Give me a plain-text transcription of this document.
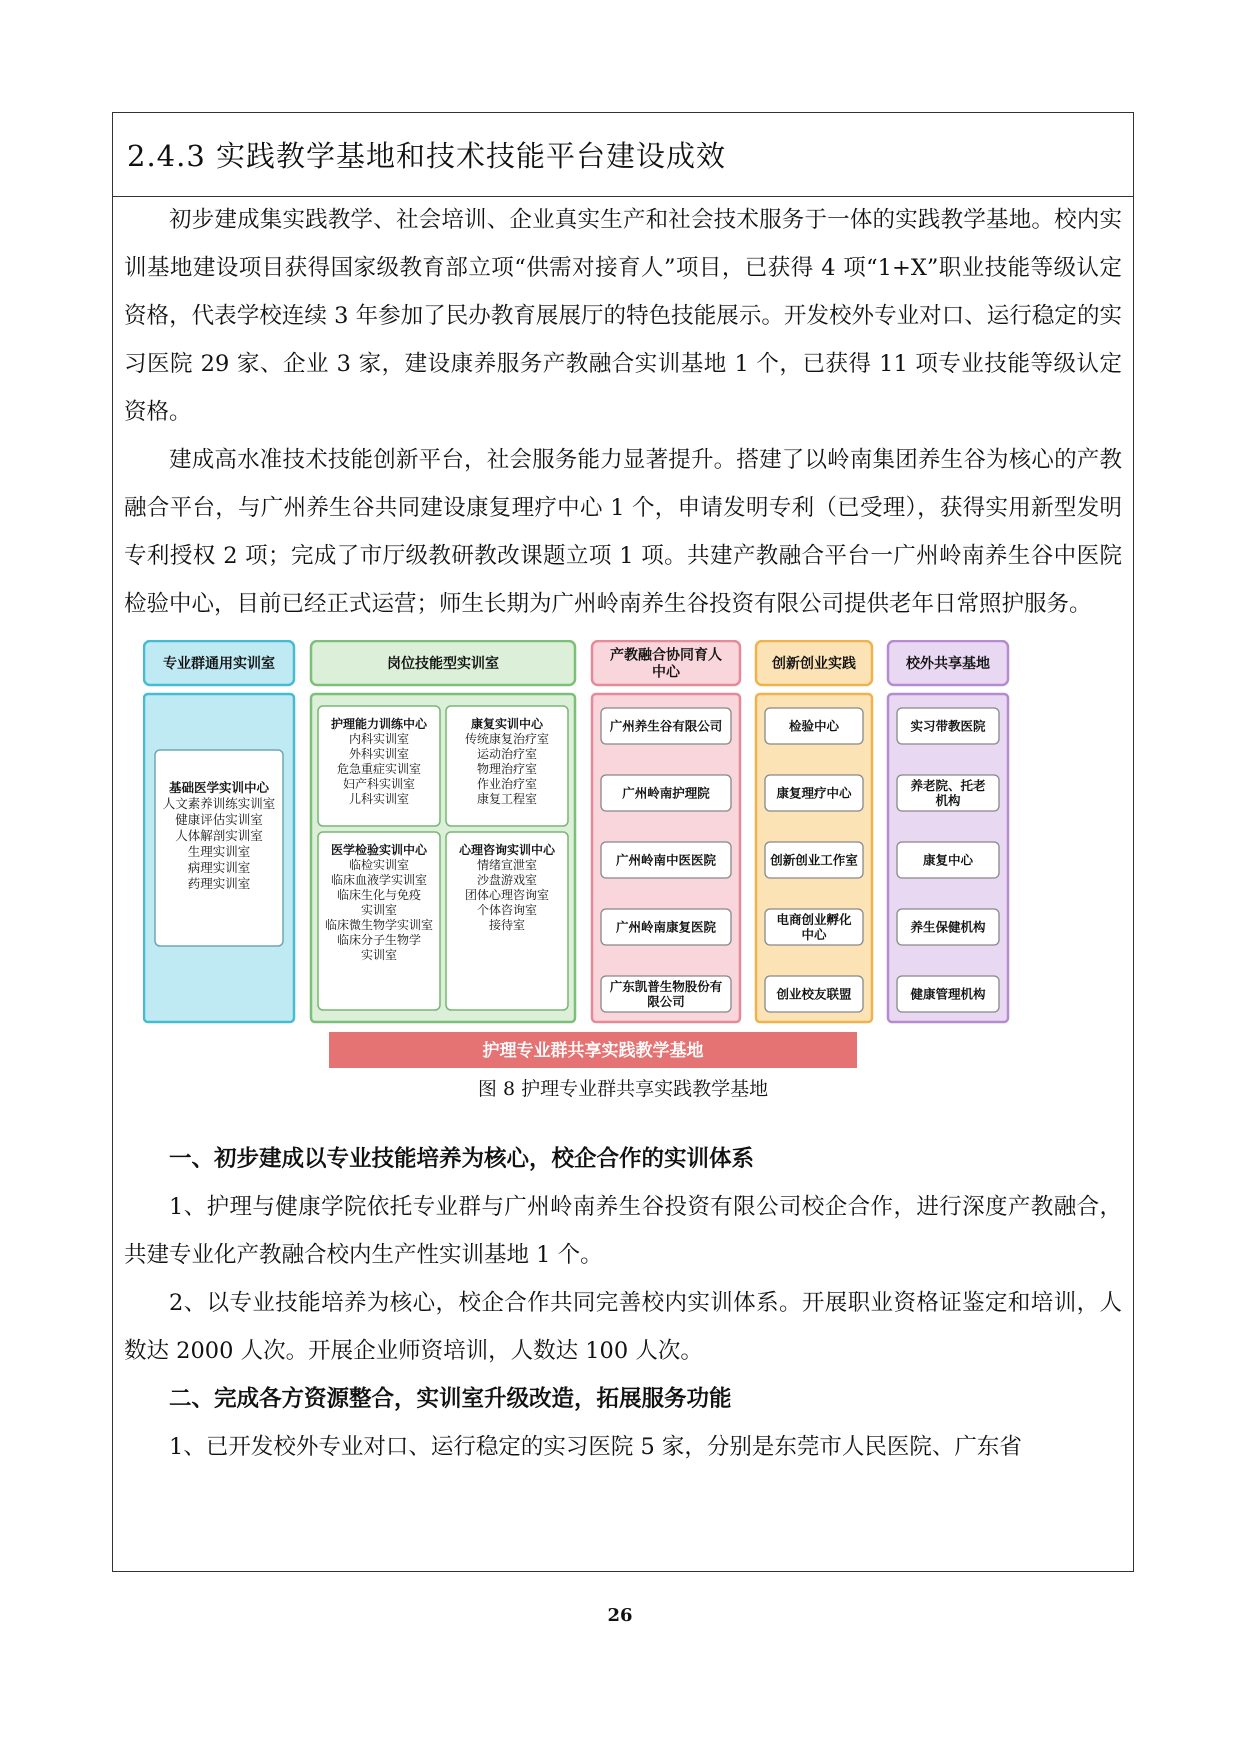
2.4.3 实践教学基地和技术技能平台建设成效

初步建成集实践教学、社会培训、企业真实生产和社会技术服务于一体的实践教学基地。校内实训基地建设项目获得国家级教育部立项“供需对接育人”项目，已获得 4 项“1+X”职业技能等级认定资格，代表学校连续 3 年参加了民办教育展展厅的特色技能展示。开发校外专业对口、运行稳定的实习医院 29 家、企业 3 家，建设康养服务产教融合实训基地 1 个，已获得 11 项专业技能等级认定资格。

建成高水准技术技能创新平台，社会服务能力显著提升。搭建了以岭南集团养生谷为核心的产教融合平台，与广州养生谷共同建设康复理疗中心 1 个，申请发明专利（已受理），获得实用新型发明专利授权 2 项；完成了市厅级教研教改课题立项 1 项。共建产教融合平台一广州岭南养生谷中医院检验中心，目前已经正式运营；师生长期为广州岭南养生谷投资有限公司提供老年日常照护服务。

专业群通用实训室
基础医学实训中心
人文素养训练实训室
健康评估实训室
人体解剖实训室
生理实训室
病理实训室
药理实训室
岗位技能型实训室
护理能力训练中心
内科实训室
外科实训室
危急重症实训室
妇产科实训室
儿科实训室
康复实训中心
传统康复治疗室
运动治疗室
物理治疗室
作业治疗室
康复工程室
医学检验实训中心
临检实训室
临床血液学实训室
临床生化与免疫
实训室
临床微生物学实训室
临床分子生物学
实训室
心理咨询实训中心
情绪宣泄室
沙盘游戏室
团体心理咨询室
个体咨询室
接待室
产教融合协同育人
中心
广州养生谷有限公司
广州岭南护理院
广州岭南中医医院
广州岭南康复医院
广东凯普生物股份有
限公司
创新创业实践
检验中心
康复理疗中心
创新创业工作室
电商创业孵化
中心
创业校友联盟
校外共享基地
实习带教医院
养老院、托老
机构
康复中心
养生保健机构
健康管理机构
护理专业群共享实践教学基地
图 8 护理专业群共享实践教学基地
一、初步建成以专业技能培养为核心，校企合作的实训体系

1、护理与健康学院依托专业群与广州岭南养生谷投资有限公司校企合作，进行深度产教融合，共建专业化产教融合校内生产性实训基地 1 个。

2、以专业技能培养为核心，校企合作共同完善校内实训体系。开展职业资格证鉴定和培训，人数达 2000 人次。开展企业师资培训，人数达 100 人次。

二、完成各方资源整合，实训室升级改造，拓展服务功能

1、已开发校外专业对口、运行稳定的实习医院 5 家，分别是东莞市人民医院、广东省

26
